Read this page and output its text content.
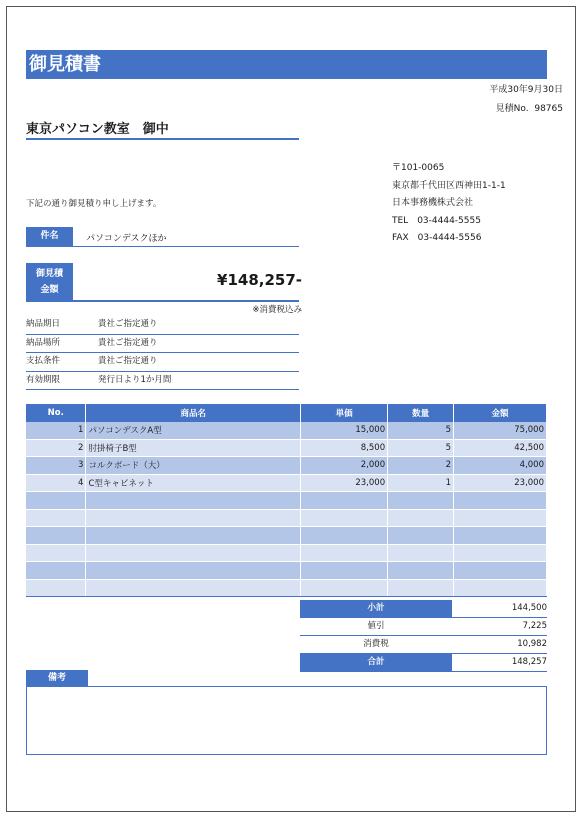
御見積書
平成30年9月30日
見積No. 98765
東京パソコン教室　御中
〒101-0065
東京都千代田区西神田1-1-1
日本事務機株式会社
TEL　03-4444-5555
FAX　03-4444-5556
下記の通り御見積り申し上げます。
件名	パソコンデスクほか
御見積
金額
¥148,257-
※消費税込み
納品期日	貴社ご指定通り
納品場所	貴社ご指定通り
支払条件	貴社ご指定通り
有効期限	発行日より1か月間
No.	商品名	単価	数量	金額
1	パソコンデスクA型	15,000	5	75,000
2	肘掛椅子B型	8,500	5	42,500
3	コルクボード（大）	2,000	2	4,000
4	C型キャビネット	23,000	1	23,000

小計	144,500
値引	7,225
消費税	10,982
合計	148,257
備考
